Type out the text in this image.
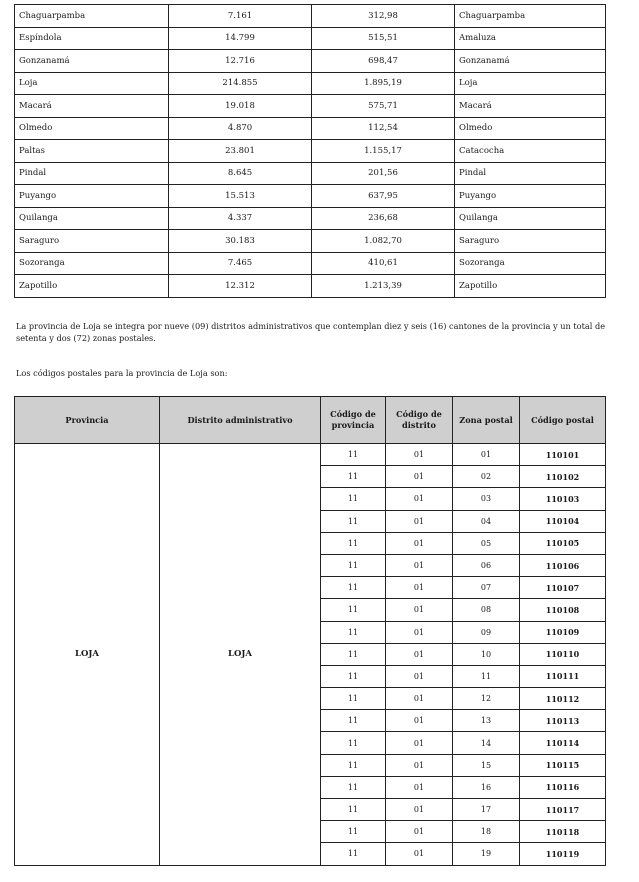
Chaguarpamba	7.161	312,98	Chaguarpamba
Espíndola	14.799	515,51	Amaluza
Gonzanamá	12.716	698,47	Gonzanamá
Loja	214.855	1.895,19	Loja
Macará	19.018	575,71	Macará
Olmedo	4.870	112,54	Olmedo
Paltas	23.801	1.155,17	Catacocha
Pindal	8.645	201,56	Pindal
Puyango	15.513	637,95	Puyango
Quilanga	4.337	236,68	Quilanga
Saraguro	30.183	1.082,70	Saraguro
Sozoranga	7.465	410,61	Sozoranga
Zapotillo	12.312	1.213,39	Zapotillo
La provincia de Loja se integra por nueve (09) distritos administrativos que contemplan diez y seis (16) cantones de la provincia y un total de setenta y dos (72) zonas postales.
Los códigos postales para la provincia de Loja son:
Provincia	Distrito administrativo	Código de provincia	Código de distrito	Zona postal	Código postal
LOJA	LOJA	11	01	01	110101
		11	01	02	110102
		11	01	03	110103
		11	01	04	110104
		11	01	05	110105
		11	01	06	110106
		11	01	07	110107
		11	01	08	110108
		11	01	09	110109
		11	01	10	110110
		11	01	11	110111
		11	01	12	110112
		11	01	13	110113
		11	01	14	110114
		11	01	15	110115
		11	01	16	110116
		11	01	17	110117
		11	01	18	110118
		11	01	19	110119
